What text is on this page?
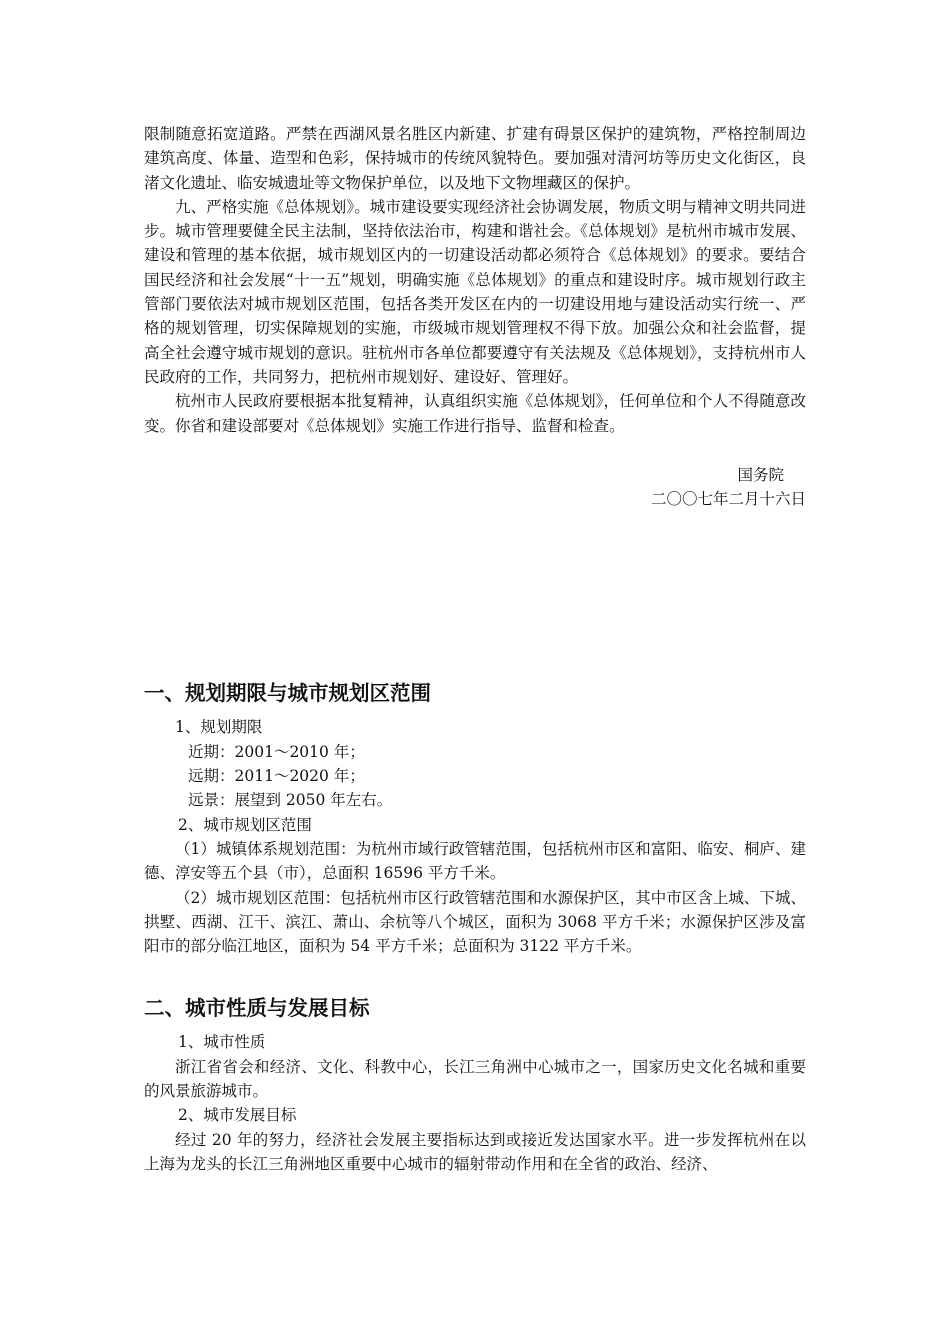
限制随意拓宽道路。严禁在西湖风景名胜区内新建、扩建有碍景区保护的建筑物，严格控制周边建筑高度、体量、造型和色彩，保持城市的传统风貌特色。要加强对清河坊等历史文化街区，良渚文化遗址、临安城遗址等文物保护单位，以及地下文物埋藏区的保护。

九、严格实施《总体规划》。城市建设要实现经济社会协调发展，物质文明与精神文明共同进步。城市管理要健全民主法制，坚持依法治市，构建和谐社会。《总体规划》是杭州市城市发展、建设和管理的基本依据，城市规划区内的一切建设活动都必须符合《总体规划》的要求。要结合国民经济和社会发展“十一五”规划，明确实施《总体规划》的重点和建设时序。城市规划行政主管部门要依法对城市规划区范围，包括各类开发区在内的一切建设用地与建设活动实行统一、严格的规划管理，切实保障规划的实施，市级城市规划管理权不得下放。加强公众和社会监督，提高全社会遵守城市规划的意识。驻杭州市各单位都要遵守有关法规及《总体规划》，支持杭州市人民政府的工作，共同努力，把杭州市规划好、建设好、管理好。

杭州市人民政府要根据本批复精神，认真组织实施《总体规划》，任何单位和个人不得随意改变。你省和建设部要对《总体规划》实施工作进行指导、监督和检查。

国务院
二〇〇七年二月十六日
一、规划期限与城市规划区范围

1、规划期限

近期：2001～2010 年；

远期：2011～2020 年；

远景：展望到 2050 年左右。

2、城市规划区范围

（1）城镇体系规划范围：为杭州市域行政管辖范围，包括杭州市区和富阳、临安、桐庐、建德、淳安等五个县（市），总面积 16596 平方千米。

（2）城市规划区范围：包括杭州市区行政管辖范围和水源保护区，其中市区含上城、下城、拱墅、西湖、江干、滨江、萧山、余杭等八个城区，面积为 3068 平方千米；水源保护区涉及富阳市的部分临江地区，面积为 54 平方千米；总面积为 3122 平方千米。

二、城市性质与发展目标

1、城市性质

浙江省省会和经济、文化、科教中心，长江三角洲中心城市之一，国家历史文化名城和重要的风景旅游城市。

2、城市发展目标

经过 20 年的努力，经济社会发展主要指标达到或接近发达国家水平。进一步发挥杭州在以上海为龙头的长江三角洲地区重要中心城市的辐射带动作用和在全省的政治、经济、
